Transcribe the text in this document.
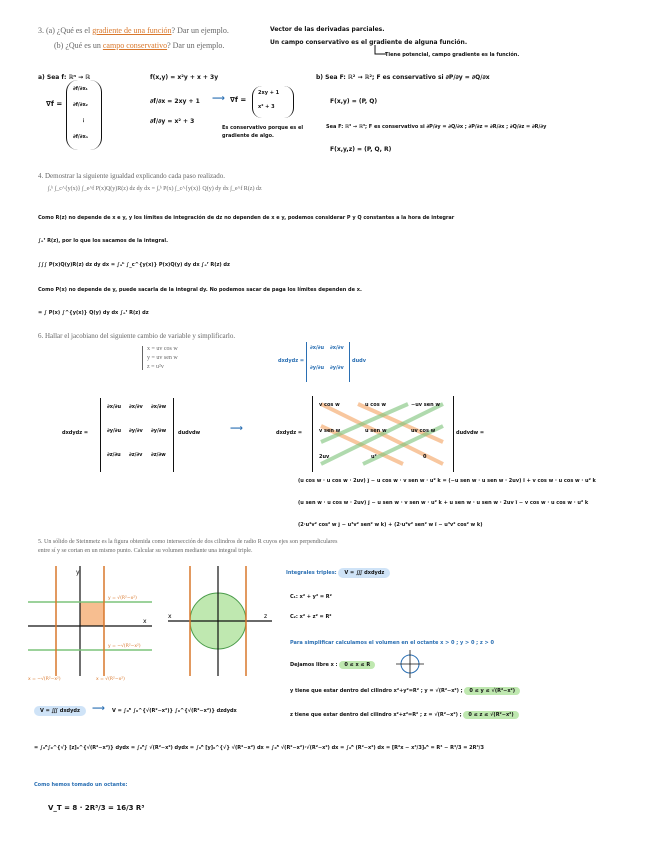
3. (a) ¿Qué es el gradiente de una función? Dar un ejemplo.
(b) ¿Qué es un campo conservativo? Dar un ejemplo.
Vector de las derivadas parciales.
Un campo conservativo es el gradiente de alguna función.
Tiene potencial, campo gradiente es la función.
a) Sea f: ℝⁿ → ℝ
∇f =
∂f/∂x₁
∂f/∂x₂
⋮
∂f/∂xₙ
f(x,y) = x²y + x + 3y
∂f/∂x = 2xy + 1
∂f/∂y = x² + 3
⟶ ∇f =
2xy + 1
x² + 3
Es conservativo porque es el gradiente de algo.
b) Sea F: ℝ² → ℝ²; F es conservativo si ∂P/∂y = ∂Q/∂x
F(x,y) = (P, Q)
Sea F: ℝ³ → ℝ³; F es conservativo si ∂P/∂y = ∂Q/∂x ; ∂P/∂z = ∂R/∂x ; ∂Q/∂z = ∂R/∂y
F(x,y,z) = (P, Q, R)
4. Demostrar la siguiente igualdad explicando cada paso realizado.
∫ₐᵇ ∫_c^{y(x)} ∫_e^f P(x)Q(y)R(z) dz dy dx = ∫ₐᵇ P(x) ∫_c^{y(x)} Q(y) dy dx ∫_e^f R(z) dz
Como R(z) no depende de x e y, y los límites de integración de dz no dependen de x e y, podemos considerar P y Q constantes a la hora de integrar
∫ₑᶠ R(z), por lo que los sacamos de la integral.
∫∫∫ P(x)Q(y)R(z) dz dy dx = ∫ₐᵇ ∫_c^{y(x)} P(x)Q(y) dy dx ∫ₑᶠ R(z) dz
Como P(x) no depende de y, puede sacarla de la integral dy. No podemos sacar de paga los límites dependen de x.
= ∫ P(x) ∫^{y(x)} Q(y) dy dx ∫ₑᶠ R(z) dz
6. Hallar el jacobiano del siguiente cambio de variable y simplificarlo.
x = uv cos w
y = uv sen w
z = u²v
dxdydz =
∂x/∂u ∂x/∂v
∂y/∂u ∂y/∂v
dudv
dxdydz =
∂x/∂u ∂x/∂v ∂x/∂w
∂y/∂u ∂y/∂v ∂y/∂w
∂z/∂u ∂z/∂v ∂z/∂w
dudvdw	⟶	dxdydz =
v cos w	u cos w	−uv sen w
v sen w	u sen w	uv cos w
2uv	u²	0
dudvdw =
(u cos w · u cos w · 2uv) ĵ − u cos w · v sen w · u² k̂ = (−u sen w · u sen w · 2uv) î + v cos w · u cos w · u² k̂
(u sen w · u cos w · 2uv) ĵ − u sen w · v sen w · u² k̂ + u sen w · u sen w · 2uv î − v cos w · u cos w · u² k̂
(2·u²v² cos² w ĵ − u³v² sen² w k̂) + (2·u²v² sen² w î − u³v² cos² w k̂)
5. Un sólido de Steinmetz es la figura obtenida como intersección de dos cilindros de radio R cuyos ejes son perpendiculares entre sí y se cortan en un mismo punto. Calcular su volumen mediante una integral triple.
y
x
y = √(R²−x²)
y = −√(R²−x²)
x = −√(R²−x²)	x = √(R²−x²)
x	z
Integrales triples: V = ∭ dxdydz
C₁: x² + y² = R²
C₂: x² + z² = R²
Para simplificar calculamos el volumen en el octante x > 0 ; y > 0 ; z > 0
Dejamos libre x : 0 ≤ x ≤ R
y tiene que estar dentro del cilindro x²+y²=R² ; y = √(R²−x²) ; 0 ≤ y ≤ √(R²−x²)
z tiene que estar dentro del cilindro x²+z²=R² ; z = √(R²−x²) ; 0 ≤ z ≤ √(R²−x²)
V = ∭ dxdydz	⟶ V = ∫₀ᴿ ∫₀^{√(R²−x²)} ∫₀^{√(R²−x²)} dzdydx
= ∫₀ᴿ∫₀^{√} [z]₀^{√(R²−x²)} dydx = ∫₀ᴿ∫ √(R²−x²) dydx = ∫₀ᴿ [y]₀^{√} √(R²−x²) dx = ∫₀ᴿ √(R²−x²)·√(R²−x²) dx = ∫₀ᴿ (R²−x²) dx = [R²x − x³/3]₀ᴿ = R³ − R³/3 = 2R³/3
Como hemos tomado un octante:
V_T = 8 · 2R³/3 = 16/3 R³
